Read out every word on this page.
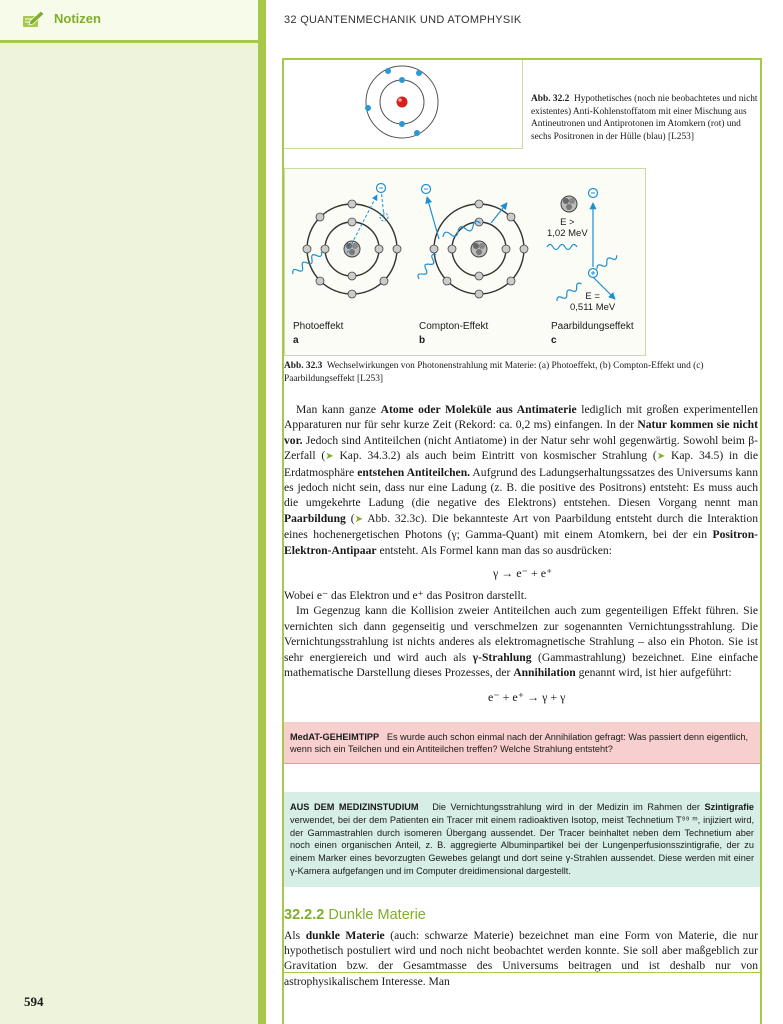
Notizen
594
32 QUANTENMECHANIK UND ATOMPHYSIK
Abb. 32.2 Hypothetisches (noch nie beobachtetes und nicht existentes) Anti-Kohlenstoffatom mit einer Mischung aus Antineutronen und Antiprotonen im Atomkern (rot) und sechs Positronen in der Hülle (blau) [L253]
E >
1,02 MeV
E =
0,511 MeV
Photoeffekt
a
Compton-Effekt
b
Paarbildungseffekt
c
Abb. 32.3 Wechselwirkungen von Photonenstrahlung mit Materie: (a) Photoeffekt, (b) Compton-Effekt und (c) Paarbildungseffekt [L253]

Man kann ganze Atome oder Moleküle aus Antimaterie lediglich mit großen experimentellen Apparaturen nur für sehr kurze Zeit (Rekord: ca. 0,2 ms) einfangen. In der Natur kommen sie nicht vor. Jedoch sind Antiteilchen (nicht Antiatome) in der Natur sehr wohl gegenwärtig. Sowohl beim β-Zerfall (➤ Kap. 34.3.2) als auch beim Eintritt von kosmischer Strahlung (➤ Kap. 34.5) in die Erdatmosphäre entstehen Antiteilchen. Aufgrund des Ladungserhaltungssatzes des Universums kann es jedoch nicht sein, dass nur eine Ladung (z. B. die positive des Positrons) entsteht: Es muss auch die umgekehrte Ladung (die negative des Elektrons) entstehen. Diesen Vorgang nennt man Paarbildung (➤ Abb. 32.3c). Die bekannteste Art von Paarbildung entsteht durch die Interaktion eines hochenergetischen Photons (γ; Gamma-Quant) mit einem Atomkern, bei der ein Positron-Elektron-Antipaar entsteht. Als Formel kann man das so ausdrücken:

γ → e⁻ + e⁺

Wobei e⁻ das Elektron und e⁺ das Positron darstellt.

Im Gegenzug kann die Kollision zweier Antiteilchen auch zum gegenteiligen Effekt führen. Sie vernichten sich dann gegenseitig und verschmelzen zur sogenannten Vernichtungsstrahlung. Die Vernichtungsstrahlung ist nichts anderes als elektromagnetische Strahlung – also ein Photon. Sie ist sehr energiereich und wird auch als γ-Strahlung (Gammastrahlung) bezeichnet. Eine einfache mathematische Darstellung dieses Prozesses, der Annihilation genannt wird, ist hier aufgeführt:

e⁻ + e⁺ → γ + γ
MedAT-GEHEIMTIPP Es wurde auch schon einmal nach der Annihilation gefragt: Was passiert denn eigentlich, wenn sich ein Teilchen und ein Antiteilchen treffen? Welche Strahlung entsteht?
AUS DEM MEDIZINSTUDIUM Die Vernichtungsstrahlung wird in der Medizin im Rahmen der Szintigrafie verwendet, bei der dem Patienten ein Tracer mit einem radioaktiven Isotop, meist Technetium T⁹⁹ ᵐ, injiziert wird, der Gammastrahlen durch isomeren Übergang aussendet. Der Tracer beinhaltet neben dem Technetium aber noch einen organischen Anteil, z. B. aggregierte Albuminpartikel bei der Lungenperfusionsszintigrafie, der zu einem Marker eines bevorzugten Gewebes gelangt und dort seine γ-Strahlen aussendet. Diese werden mit einer γ-Kamera aufgefangen und im Computer dreidimensional dargestellt.
32.2.2 Dunkle Materie
Als dunkle Materie (auch: schwarze Materie) bezeichnet man eine Form von Materie, die nur hypothetisch postuliert wird und noch nicht beobachtet werden konnte. Sie soll aber maßgeblich zur Gravitation bzw. der Gesamtmasse des Universums beitragen und ist deshalb nur von astrophysikalischem Interesse. Man
